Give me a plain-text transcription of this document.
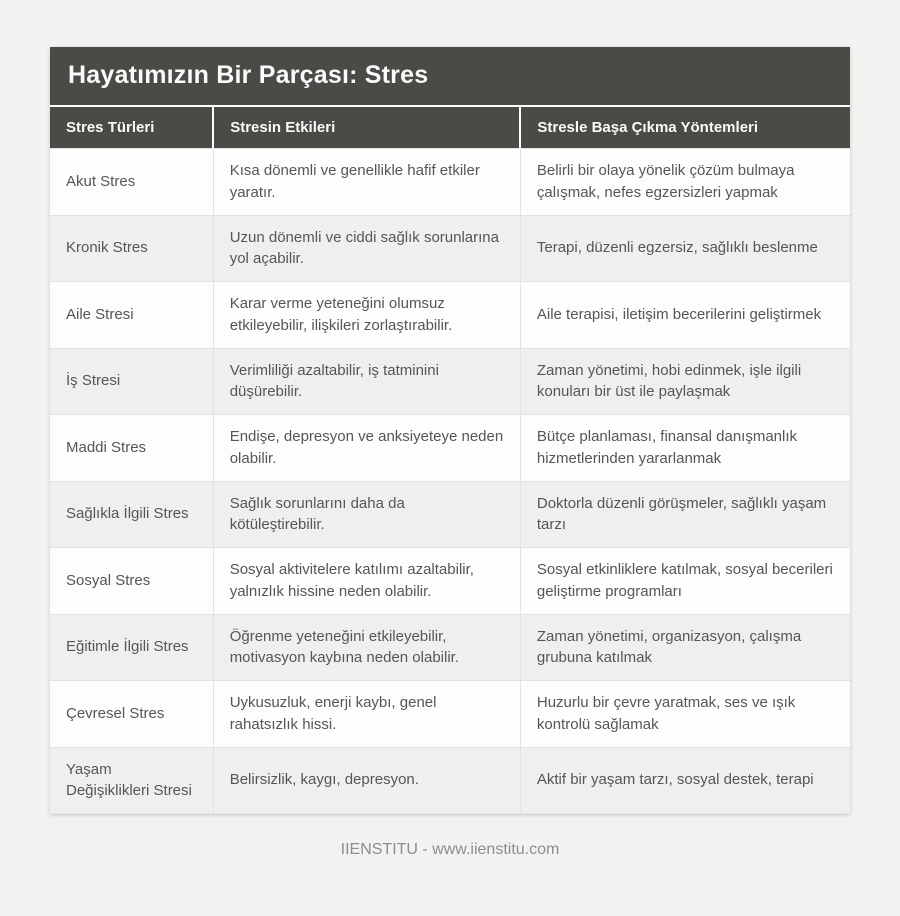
Hayatımızın Bir Parçası: Stres
Stres Türleri	Stresin Etkileri	Stresle Başa Çıkma Yöntemleri
Akut Stres	Kısa dönemli ve genellikle hafif etkiler yaratır.	Belirli bir olaya yönelik çözüm bulmaya çalışmak, nefes egzersizleri yapmak
Kronik Stres	Uzun dönemli ve ciddi sağlık sorunlarına yol açabilir.	Terapi, düzenli egzersiz, sağlıklı beslenme
Aile Stresi	Karar verme yeteneğini olumsuz etkileyebilir, ilişkileri zorlaştırabilir.	Aile terapisi, iletişim becerilerini geliştirmek
İş Stresi	Verimliliği azaltabilir, iş tatminini düşürebilir.	Zaman yönetimi, hobi edinmek, işle ilgili konuları bir üst ile paylaşmak
Maddi Stres	Endişe, depresyon ve anksiyeteye neden olabilir.	Bütçe planlaması, finansal danışmanlık hizmetlerinden yararlanmak
Sağlıkla İlgili Stres	Sağlık sorunlarını daha da kötüleştirebilir.	Doktorla düzenli görüşmeler, sağlıklı yaşam tarzı
Sosyal Stres	Sosyal aktivitelere katılımı azaltabilir, yalnızlık hissine neden olabilir.	Sosyal etkinliklere katılmak, sosyal becerileri geliştirme programları
Eğitimle İlgili Stres	Öğrenme yeteneğini etkileyebilir, motivasyon kaybına neden olabilir.	Zaman yönetimi, organizasyon, çalışma grubuna katılmak
Çevresel Stres	Uykusuzluk, enerji kaybı, genel rahatsızlık hissi.	Huzurlu bir çevre yaratmak, ses ve ışık kontrolü sağlamak
Yaşam Değişiklikleri Stresi	Belirsizlik, kaygı, depresyon.	Aktif bir yaşam tarzı, sosyal destek, terapi
IIENSTITU - www.iienstitu.com
